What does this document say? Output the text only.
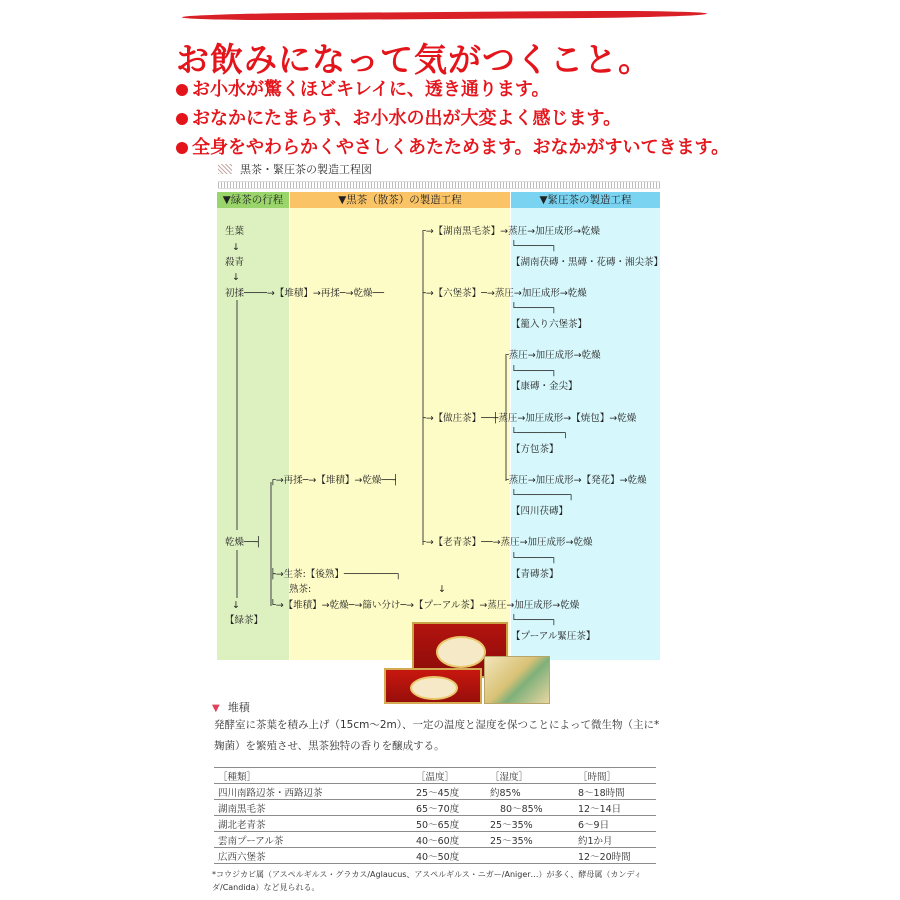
お飲みになって気がつくこと。
お小水が驚くほどキレイに、透き通ります。
おなかにたまらず、お小水の出が大変よく感じます。
全身をやわらかくやさしくあたためます。おなかがすいてきます。
黒茶・緊圧茶の製造工程図
▼緑茶の行程	▼黒茶（散茶）の製造工程	▼緊圧茶の製造工程
生葉
↓
殺青
↓
初揉────→【堆積】→再揉─→乾燥──
┌→【湖南黒毛茶】→蒸圧→加圧成形→乾燥
└──────┐
【湖南茯磚・黒磚・花磚・湘尖茶】
├→【六堡茶】─→蒸圧→加圧成形→乾燥
└──────┐
【籠入り六堡茶】
┌蒸圧→加圧成形→乾燥
└──────┐
【康磚・金尖】
├→【做庄茶】──┼蒸圧→加圧成形→【焼包】→乾燥
└────────┐
【方包茶】
┌→再揉─→【堆積】→乾燥──┤	└蒸圧→加圧成形→【発花】→乾燥
└─────────┐
【四川茯磚】
乾燥──┤	└→【老青茶】──→蒸圧→加圧成形→乾燥
└──────┐
【青磚茶】
├→生茶:【後熟】─────────┐
熟茶:	↓
└→【堆積】→乾燥─→篩い分け─→【プーアル茶】→蒸圧→加圧成形→乾燥
└──────┐
【プーアル緊圧茶】
↓
【緑茶】
▼ 堆積
発酵室に茶葉を積み上げ（15cm〜2m）、一定の温度と湿度を保つことによって微生物（主に*麹菌）を繁殖させ、黒茶独特の香りを醸成する。
［種類］	［温度］	［湿度］	［時間］
四川南路辺茶・西路辺茶	25〜45度	約85%	8〜18時間
湖南黒毛茶	65〜70度	80〜85%	12〜14日
湖北老青茶	50〜65度	25〜35%	6〜9日
雲南プーアル茶	40〜60度	25〜35%	約1か月
広西六堡茶	40〜50度		12〜20時間
*コウジカビ属（アスペルギルス・グラカス/Aglaucus、アスペルギルス・ニガー/Aniger…）が多く、酵母属（カンディダ/Candida）など見られる。
